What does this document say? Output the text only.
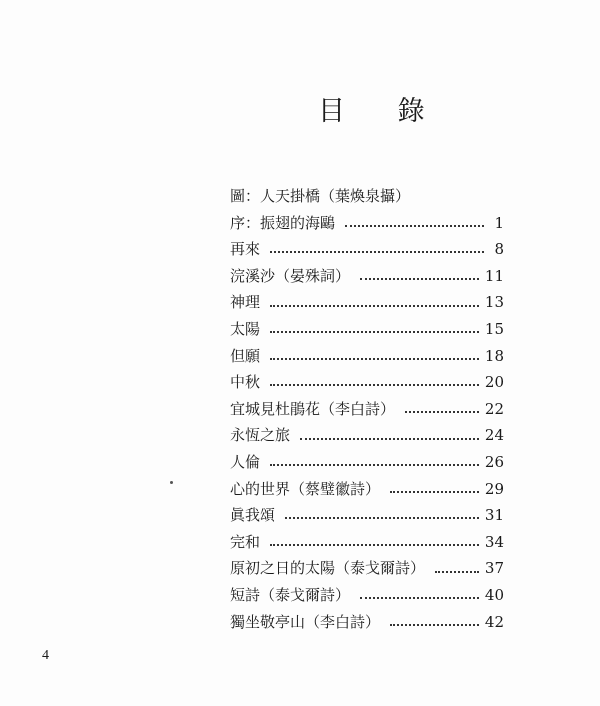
目 錄
圖：人天掛橋（葉煥泉攝）
序：振翅的海鷗	1
再來	8
浣溪沙（晏殊詞）	11
神理	13
太陽	15
但願	18
中秋	20
宜城見杜鵑花（李白詩）	22
永恆之旅	24
人倫	26
心的世界（蔡璧徽詩）	29
眞我頌	31
完和	34
原初之日的太陽（泰戈爾詩）	37
短詩（泰戈爾詩）	40
獨坐敬亭山（李白詩）	42
4
